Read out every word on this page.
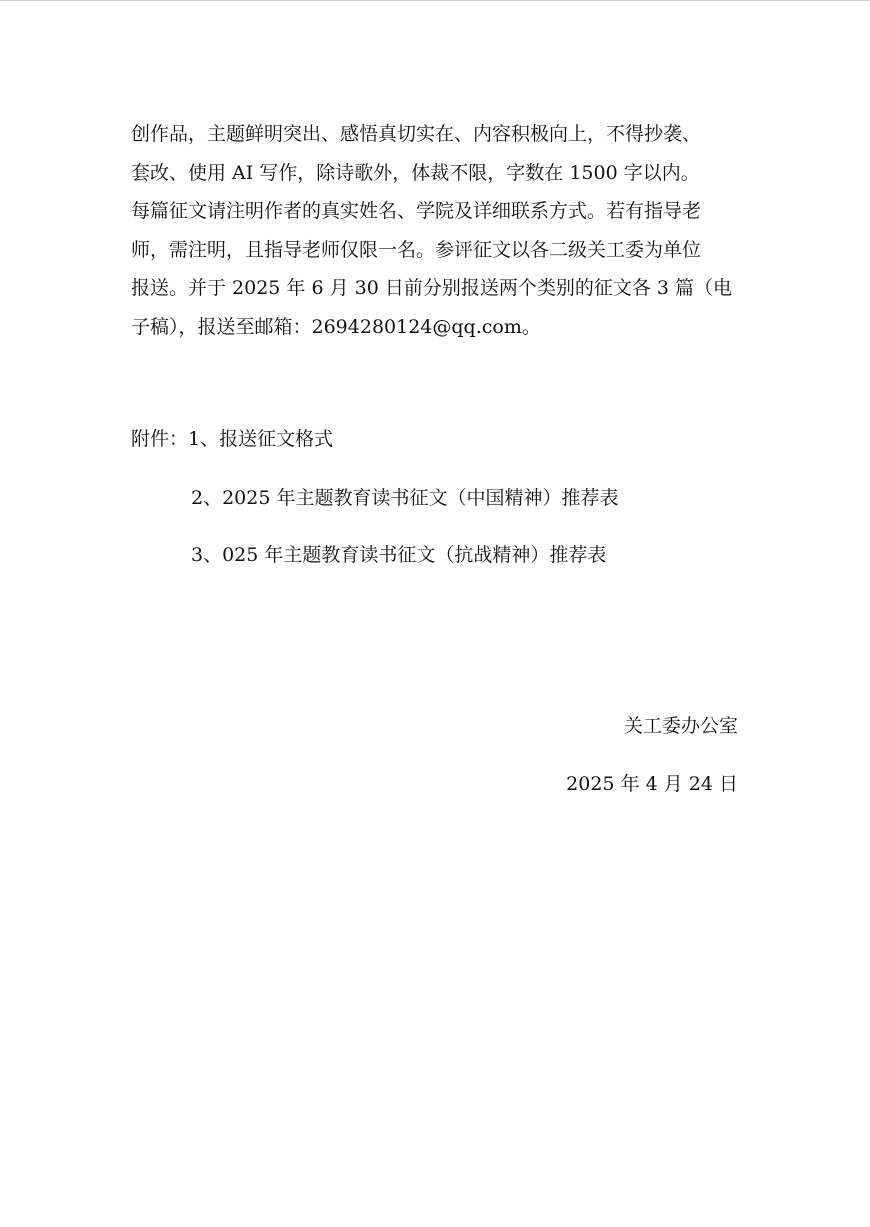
创作品，主题鲜明突出、感悟真切实在、内容积极向上，不得抄袭、
套改、使用 AI 写作，除诗歌外，体裁不限，字数在 1500 字以内。
每篇征文请注明作者的真实姓名、学院及详细联系方式。若有指导老
师，需注明，且指导老师仅限一名。参评征文以各二级关工委为单位
报送。并于 2025 年 6 月 30 日前分别报送两个类别的征文各 3 篇（电
子稿），报送至邮箱：2694280124@qq.com。
附件：1、报送征文格式
2、2025 年主题教育读书征文（中国精神）推荐表
3、025 年主题教育读书征文（抗战精神）推荐表
关工委办公室
2025 年 4 月 24 日
